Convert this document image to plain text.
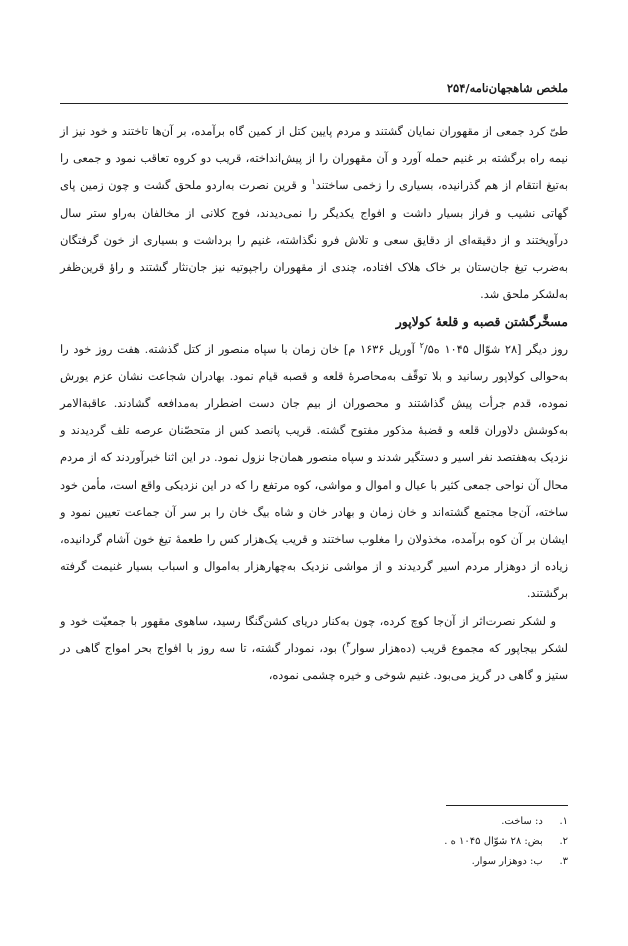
ملخص شاهجهان‌نامه/۲۵۴

طیّ کرد جمعی از مقهوران نمایان گشتند و مردم پایین کتل از کمین گاه برآمده، بر آن‌ها تاختند و خود نیز از نیمه راه برگشته بر غنیم حمله آورد و آن مقهوران را از پیش‌انداخته، قریب دو کروه تعاقب نمود و جمعی را به‌تیغ انتقام از هم گذرانیده، بسیاری را زخمی ساختند$^۱$ و قرین نصرت به‌اردو ملحق گشت و چون زمین پای گهاتی نشیب و فراز بسیار داشت و افواج یکدیگر را نمی‌دیدند، فوج کلانی از مخالفان به‌راو ستر سال درآویختند و از دقیقه‌ای از دقایق سعی و تلاش فرو نگذاشته، غنیم را برداشت و بسیاری از خون گرفتگان به‌ضرب تیغ جان‌ستان بر خاک هلاک افتاده، چندی از مقهوران راجپوتیه نیز جان‌نثار گشتند و راؤ قرین‌ظفر به‌لشکر ملحق شد.

مسخَّرگشتن قصبه و قلعهٔ کولاپور

روز دیگر [۲۸ شوّال ۱۰۴۵ ه$^۲$/۵ آوریل ۱۶۳۶ م] خان زمان با سپاه منصور از کتل گذشته. هفت روز خود را به‌حوالی کولاپور رسانید و بلا توقّف به‌محاصرهٔ قلعه و قصبه قیام نمود. بهادران شجاعت نشان عزم یورش نموده، قدم جرأت پیش گذاشتند و محصوران از بیم جان دست اضطرار به‌مدافعه گشادند. عاقبةالامر به‌کوشش دلاوران قلعه و قضبهٔ مذکور مفتوح گشته. قریب پانصد کس از متحصّنان عرصه تلف گردیدند و نزدیک به‌هفتصد نفر اسیر و دستگیر شدند و سپاه منصور همان‌جا نزول نمود. در این اثنا خبرآوردند که از مردم محال آن نواحی جمعی کثیر با عیال و اموال و مواشی، کوه مرتفع را که در این نزدیکی واقع است، مأمن خود ساخته، آن‌جا مجتمع گشته‌اند و خان زمان و بهادر خان و شاه بیگ خان را بر سر آن جماعت تعیین نمود و ایشان بر آن کوه برآمده، مخذولان را مغلوب ساختند و قریب یک‌هزار کس را طعمهٔ تیغ خون آشام گردانیده، زیاده از دوهزار مردم اسیر گردیدند و از مواشی نزدیک به‌چهارهزار به‌اموال و اسباب بسیار غنیمت گرفته برگشتند.

و لشکر نصرت‌اثر از آن‌جا کوچ کرده، چون به‌کنار دریای کشن‌گنگا رسید، ساهوی مقهور با جمعیّت خود و لشکر بیجاپور که مجموع قریب (ده‌هزار سوار$^۳$) بود، نمودار گشته، تا سه روز با افواج بحر امواج گاهی در ستیز و گاهی در گریز می‌بود. غنیم شوخی و خیره چشمی نموده،

۱. د: ساخت.
۲. بض: ۲۸ شوّال ۱۰۴۵ ه .
۳. ب: دوهزار سوار.
